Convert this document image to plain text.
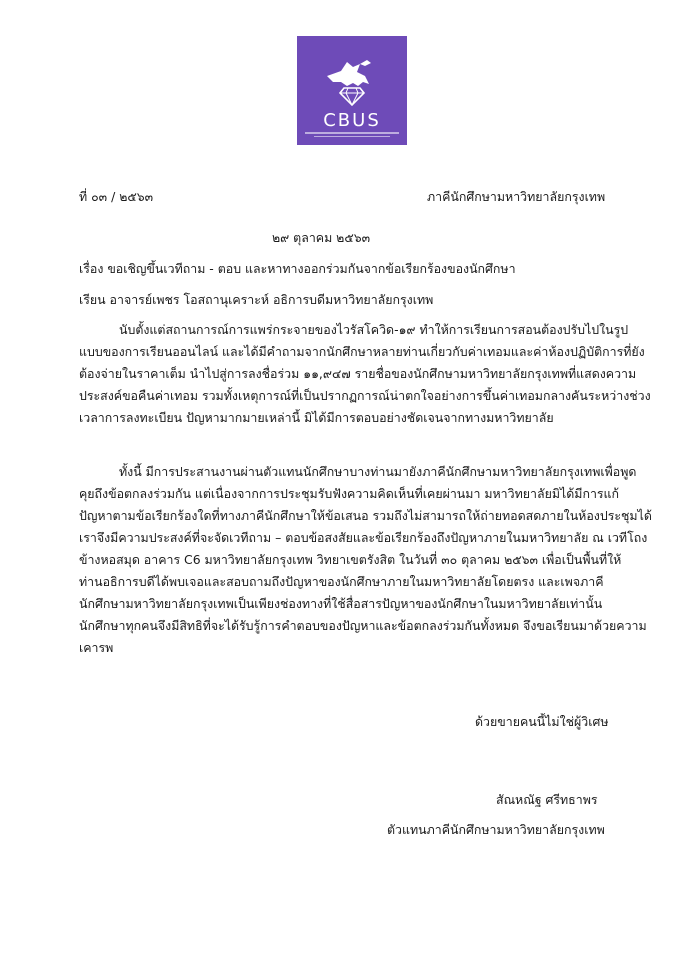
CBUS
ที่ ๐๓ / ๒๕๖๓	ภาคีนักศึกษามหาวิทยาลัยกรุงเทพ
๒๙ ตุลาคม ๒๕๖๓
เรื่อง ขอเชิญขึ้นเวทีถาม - ตอบ และหาทางออกร่วมกันจากข้อเรียกร้องของนักศึกษา
เรียน อาจารย์เพชร โอสถานุเคราะห์ อธิการบดีมหาวิทยาลัยกรุงเทพ
นับตั้งแต่สถานการณ์การแพร่กระจายของไวรัสโควิด-๑๙ ทำให้การเรียนการสอนต้องปรับไปในรูป
แบบของการเรียนออนไลน์ และได้มีคำถามจากนักศึกษาหลายท่านเกี่ยวกับค่าเทอมและค่าห้องปฏิบัติการที่ยัง
ต้องจ่ายในราคาเต็ม นำไปสู่การลงชื่อร่วม ๑๑,๙๔๗ รายชื่อของนักศึกษามหาวิทยาลัยกรุงเทพที่แสดงความ
ประสงค์ขอคืนค่าเทอม รวมทั้งเหตุการณ์ที่เป็นปรากฏการณ์น่าตกใจอย่างการขึ้นค่าเทอมกลางคันระหว่างช่วง
เวลาการลงทะเบียน ปัญหามากมายเหล่านี้ มิได้มีการตอบอย่างชัดเจนจากทางมหาวิทยาลัย
ทั้งนี้ มีการประสานงานผ่านตัวแทนนักศึกษาบางท่านมายังภาคีนักศึกษามหาวิทยาลัยกรุงเทพเพื่อพูด
คุยถึงข้อตกลงร่วมกัน แต่เนื่องจากการประชุมรับฟังความคิดเห็นที่เคยผ่านมา มหาวิทยาลัยมิได้มีการแก้
ปัญหาตามข้อเรียกร้องใดที่ทางภาคีนักศึกษาให้ข้อเสนอ รวมถึงไม่สามารถให้ถ่ายทอดสดภายในห้องประชุมได้
เราจึงมีความประสงค์ที่จะจัดเวทีถาม – ตอบข้อสงสัยและข้อเรียกร้องถึงปัญหาภายในมหาวิทยาลัย ณ เวทีโถง
ข้างหอสมุด อาคาร C6 มหาวิทยาลัยกรุงเทพ วิทยาเขตรังสิต ในวันที่ ๓๐ ตุลาคม ๒๕๖๓ เพื่อเป็นพื้นที่ให้
ท่านอธิการบดีได้พบเจอและสอบถามถึงปัญหาของนักศึกษาภายในมหาวิทยาลัยโดยตรง และเพจภาคี
นักศึกษามหาวิทยาลัยกรุงเทพเป็นเพียงช่องทางที่ใช้สื่อสารปัญหาของนักศึกษาในมหาวิทยาลัยเท่านั้น
นักศึกษาทุกคนจึงมีสิทธิที่จะได้รับรู้การคำตอบของปัญหาและข้อตกลงร่วมกันทั้งหมด จึงขอเรียนมาด้วยความ
เคารพ
ด้วยขายคนนี้ไม่ใช่ผู้วิเศษ
สัณหณัฐ ศรีทธาพร
ตัวแทนภาคีนักศึกษามหาวิทยาลัยกรุงเทพ
